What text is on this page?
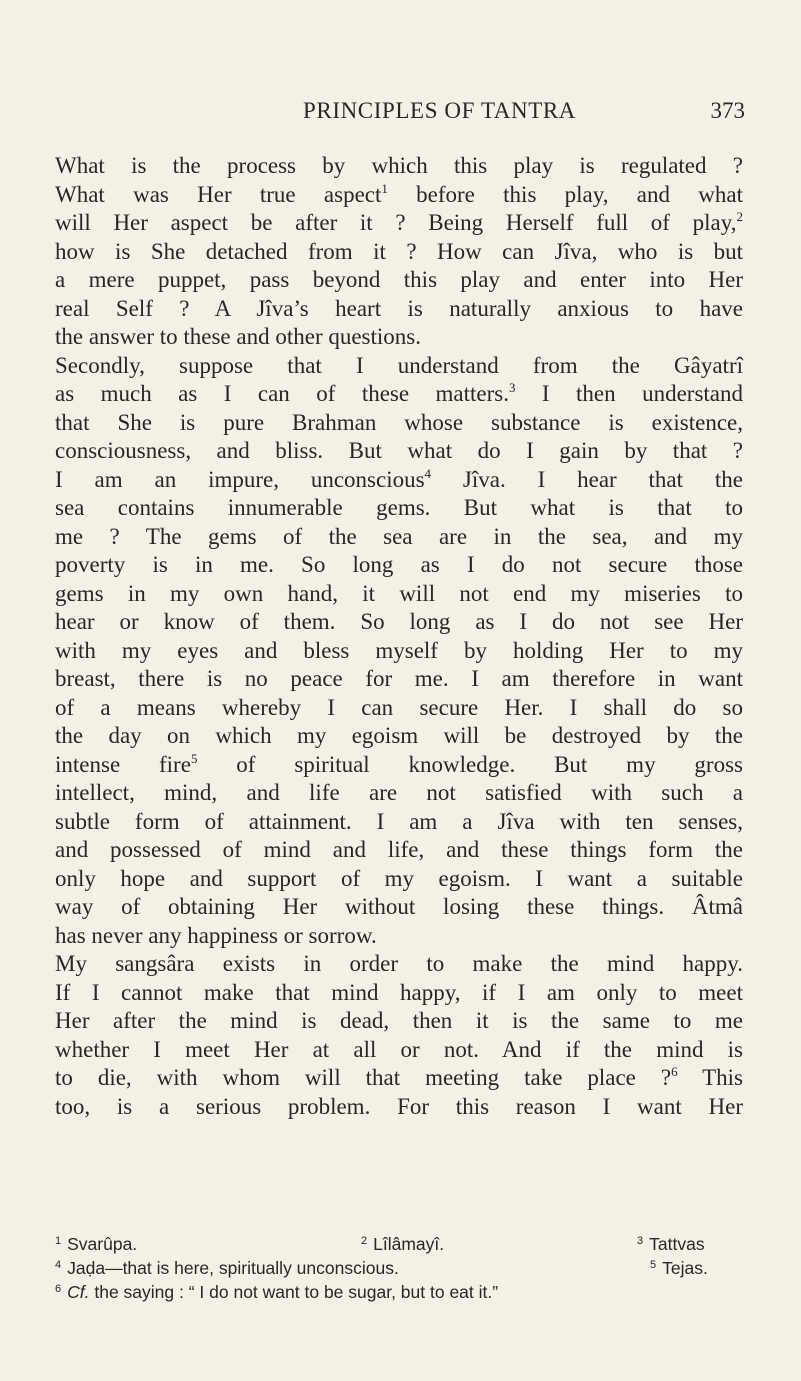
PRINCIPLES OF TANTRA	373
What is the process by which this play is regulated ?
What was Her true aspect$^1$ before this play, and what
will Her aspect be after it ? Being Herself full of play,$^2$
how is She detached from it ? How can Jîva, who is but
a mere puppet, pass beyond this play and enter into Her
real Self ? A Jîva’s heart is naturally anxious to have
the answer to these and other questions.
Secondly, suppose that I understand from the Gâyatrî
as much as I can of these matters.$^3$ I then understand
that She is pure Brahman whose substance is existence,
consciousness, and bliss. But what do I gain by that ?
I am an impure, unconscious$^4$ Jîva. I hear that the
sea contains innumerable gems. But what is that to
me ? The gems of the sea are in the sea, and my
poverty is in me. So long as I do not secure those
gems in my own hand, it will not end my miseries to
hear or know of them. So long as I do not see Her
with my eyes and bless myself by holding Her to my
breast, there is no peace for me. I am therefore in want
of a means whereby I can secure Her. I shall do so
the day on which my egoism will be destroyed by the
intense fire$^5$ of spiritual knowledge. But my gross
intellect, mind, and life are not satisfied with such a
subtle form of attainment. I am a Jîva with ten senses,
and possessed of mind and life, and these things form the
only hope and support of my egoism. I want a suitable
way of obtaining Her without losing these things. Âtmâ
has never any happiness or sorrow.
My sangsâra exists in order to make the mind happy.
If I cannot make that mind happy, if I am only to meet
Her after the mind is dead, then it is the same to me
whether I meet Her at all or not. And if the mind is
to die, with whom will that meeting take place ?$^6$ This
too, is a serious problem. For this reason I want Her
$^1$ Svarûpa.	$^2$ Lîlâmayî.	$^3$ Tattvas
$^4$ Jaḍa—that is here, spiritually unconscious.	$^5$ Tejas.
$^6$ Cf. the saying : “ I do not want to be sugar, but to eat it.”
